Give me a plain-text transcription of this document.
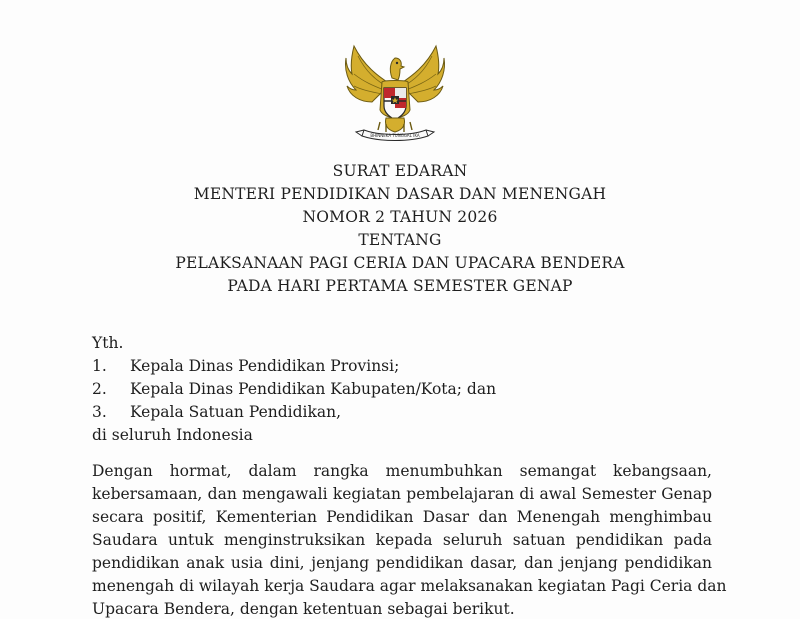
BHINNEKA TUNGGAL IKA
SURAT EDARAN
MENTERI PENDIDIKAN DASAR DAN MENENGAH
NOMOR 2 TAHUN 2026
TENTANG
PELAKSANAAN PAGI CERIA DAN UPACARA BENDERA
PADA HARI PERTAMA SEMESTER GENAP
Yth.
1. Kepala Dinas Pendidikan Provinsi;
2. Kepala Dinas Pendidikan Kabupaten/Kota; dan
3. Kepala Satuan Pendidikan,
di seluruh Indonesia
Dengan hormat, dalam rangka menumbuhkan semangat kebangsaan,
kebersamaan, dan mengawali kegiatan pembelajaran di awal Semester Genap
secara positif, Kementerian Pendidikan Dasar dan Menengah menghimbau
Saudara untuk menginstruksikan kepada seluruh satuan pendidikan pada
pendidikan anak usia dini, jenjang pendidikan dasar, dan jenjang pendidikan
menengah di wilayah kerja Saudara agar melaksanakan kegiatan Pagi Ceria dan
Upacara Bendera, dengan ketentuan sebagai berikut.
